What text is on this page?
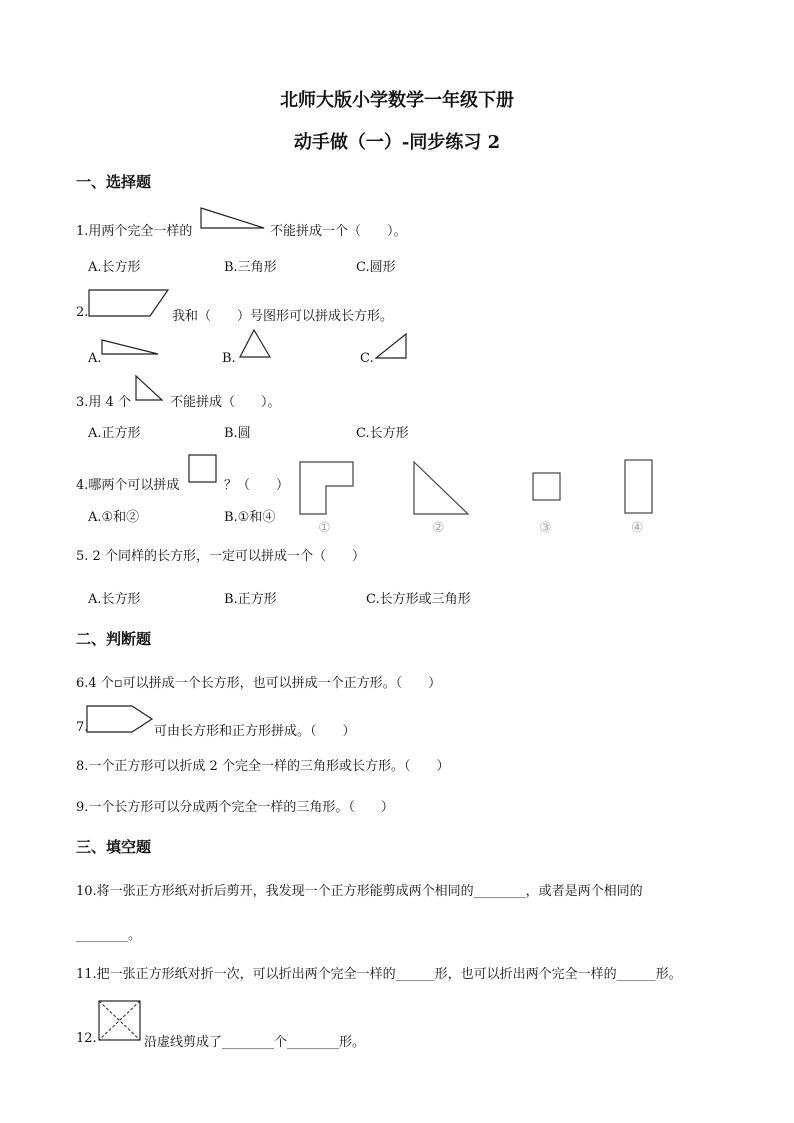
北师大版小学数学一年级下册
动手做（一）-同步练习 2
一、选择题
1.用两个完全一样的	不能拼成一个（　　）。
A.长方形	B.三角形	C.圆形
2.	我和（　　）号图形可以拼成长方形。
A.	B.	C.
3.用 4 个	不能拼成（　　）。
A.正方形	B.圆	C.长方形
4.哪两个可以拼成	？（　　）
A.①和②	B.①和④
①	②	③	④
5. 2 个同样的长方形，一定可以拼成一个（　　）
A.长方形	B.正方形	C.长方形或三角形
二、判断题
6.4 个▫可以拼成一个长方形，也可以拼成一个正方形。（　　）
7.	可由长方形和正方形拼成。（　　）
8.一个正方形可以折成 2 个完全一样的三角形或长方形。（　　）
9.一个长方形可以分成两个完全一样的三角形。（　　）
三、填空题
10.将一张正方形纸对折后剪开，我发现一个正方形能剪成两个相同的________，或者是两个相同的
________。
11.把一张正方形纸对折一次，可以折出两个完全一样的______形，也可以折出两个完全一样的______形。
12.	沿虚线剪成了________个________形。
